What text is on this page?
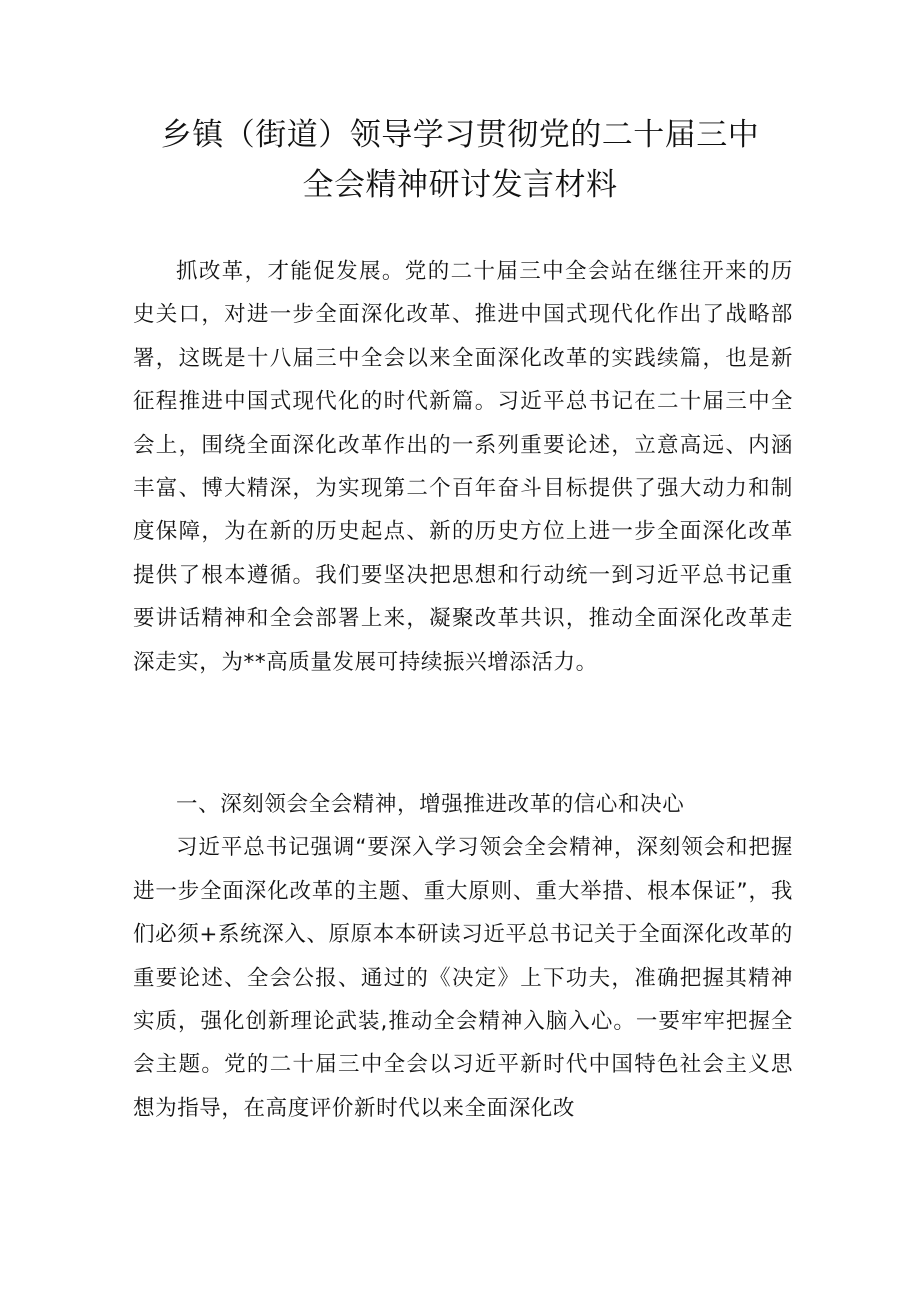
乡镇（街道）领导学习贯彻党的二十届三中
全会精神研讨发言材料

抓改革，才能促发展。党的二十届三中全会站在继往开来的历史关口，对进一步全面深化改革、推进中国式现代化作出了战略部署，这既是十八届三中全会以来全面深化改革的实践续篇，也是新征程推进中国式现代化的时代新篇。习近平总书记在二十届三中全会上，围绕全面深化改革作出的一系列重要论述，立意高远、内涵丰富、博大精深，为实现第二个百年奋斗目标提供了强大动力和制度保障，为在新的历史起点、新的历史方位上进一步全面深化改革提供了根本遵循。我们要坚决把思想和行动统一到习近平总书记重要讲话精神和全会部署上来，凝聚改革共识，推动全面深化改革走深走实，为**高质量发展可持续振兴增添活力。

一、深刻领会全会精神，增强推进改革的信心和决心

习近平总书记强调“要深入学习领会全会精神，深刻领会和把握进一步全面深化改革的主题、重大原则、重大举措、根本保证”，我们必须+系统深入、原原本本研读习近平总书记关于全面深化改革的重要论述、全会公报、通过的《决定》上下功夫，准确把握其精神实质，强化创新理论武装,推动全会精神入脑入心。一要牢牢把握全会主题。党的二十届三中全会以习近平新时代中国特色社会主义思想为指导，在高度评价新时代以来全面深化改
